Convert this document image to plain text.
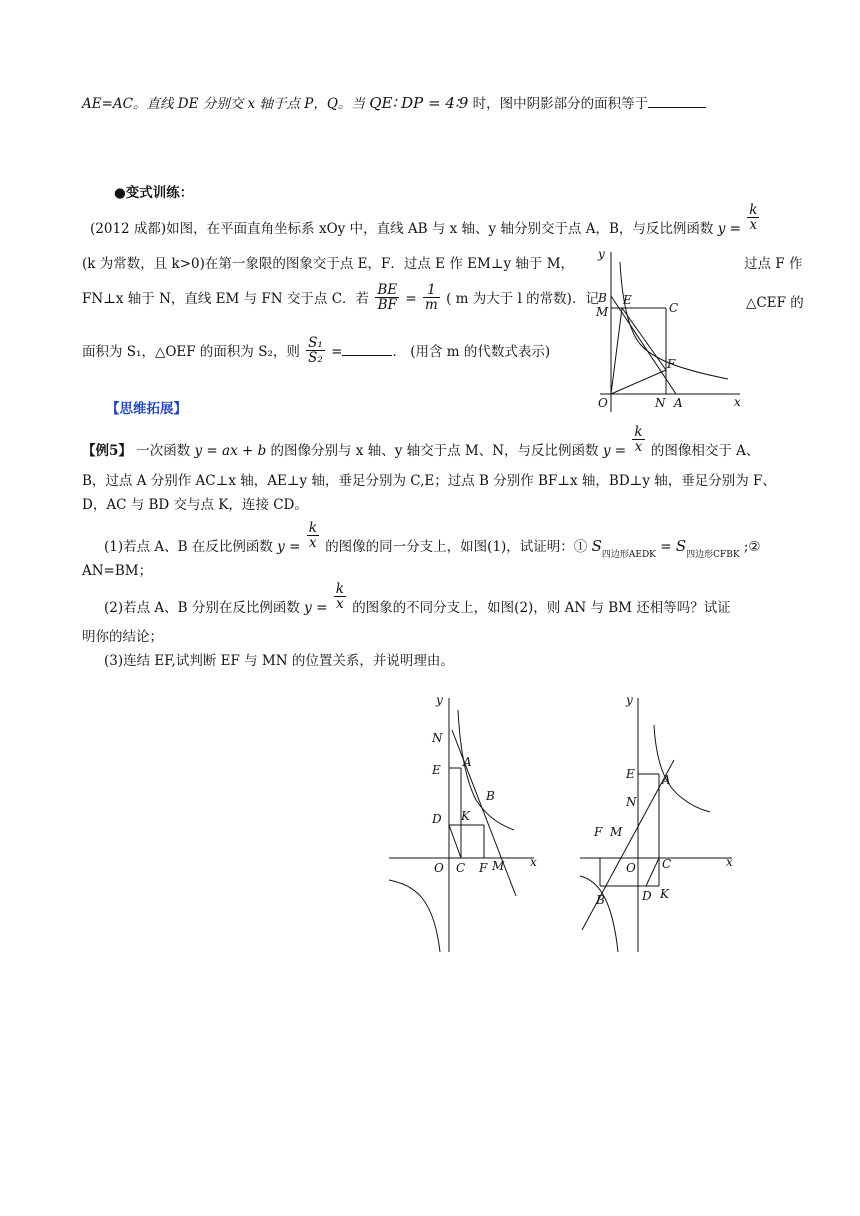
AE=AC。直线 DE 分别交 x 轴于点 P，Q。当 QE∶ DP = 4∶9 时，图中阴影部分的面积等于
●变式训练：
(2012 成都)如图，在平面直角坐标系 xOy 中，直线 AB 与 x 轴、y 轴分别交于点 A，B，与反比例函数 $y = \frac{k}{x}$
(k 为常数，且 k>0)在第一象限的图象交于点 E，F．过点 E 作 EM⊥y 轴于 M，	过点 F 作
FN⊥x 轴于 N，直线 EM 与 FN 交于点 C．若 $\frac{BE}{BF} = \frac{1}{m}$ ( m 为大于 l 的常数)．记	△CEF 的
面积为 S₁，△OEF 的面积为 S₂，则 $\frac{\text{S₁}}{\text{S₂}}$ =	． (用含 m 的代数式表示)
y
B E
C
M
F
O	N A	x
【思维拓展】
【例5】 一次函数 y = ax + b 的图像分别与 x 轴、y 轴交于点 M、N，与反比例函数 $y = \frac{k}{x}$ 的图像相交于 A、
B，过点 A 分别作 AC⊥x 轴，AE⊥y 轴，垂足分别为 C,E；过点 B 分别作 BF⊥x 轴，BD⊥y 轴，垂足分别为 F、
D，AC 与 BD 交与点 K，连接 CD。
(1)若点 A、B 在反比例函数 $y = \frac{k}{x}$ 的图像的同一分支上，如图(1)，试证明：① $S_{四边形AEDK} = S_{四边形CFBK}$ ;②
AN=BM；
(2)若点 A、B 分别在反比例函数 $y = \frac{k}{x}$ 的图象的不同分支上，如图(2)，则 AN 与 BM 还相等吗？试证
明你的结论；
(3)连结 EF,试判断 EF 与 MN 的位置关系，并说明理由。
y
N
E
A
B
D K
O C F M x
y
E A
N
F M
O C
B	D K
x
